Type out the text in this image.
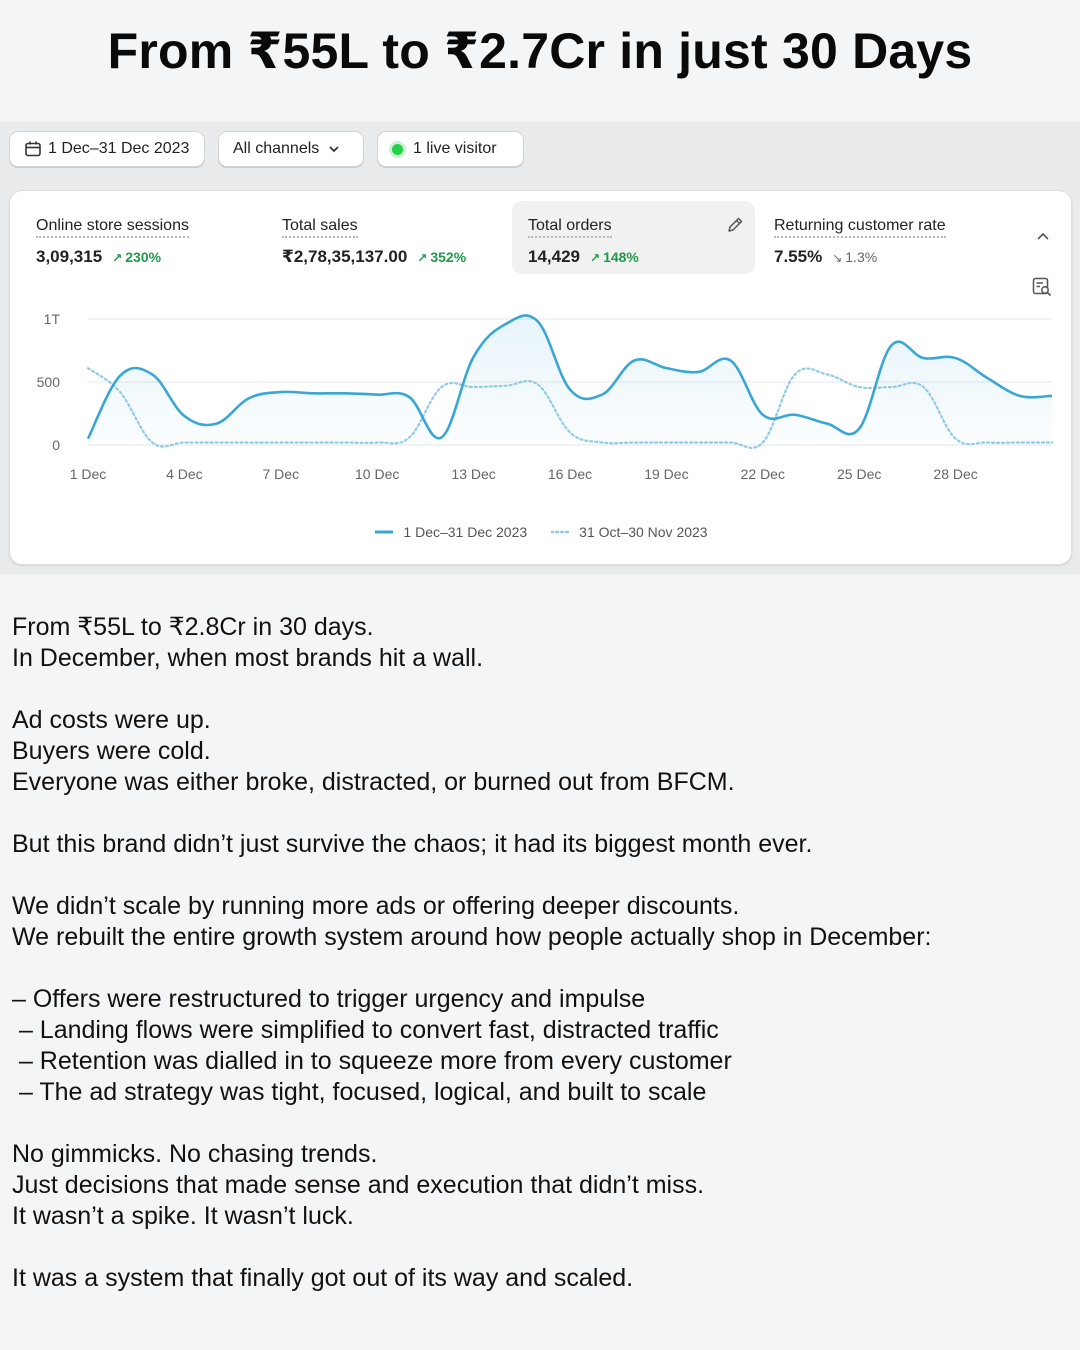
From ₹55L to ₹2.7Cr in just 30 Days
1 Dec–31 Dec 2023	All channels	1 live visitor
Online store sessions
3,09,315 ↗ 230%
Total sales
₹2,78,35,137.00 ↗ 352%
Total orders
14,429 ↗ 148%
Returning customer rate
7.55% ↘ 1.3%
1T
500
0
1 Dec	4 Dec	7 Dec	10 Dec	13 Dec	16 Dec	19 Dec	22 Dec	25 Dec	28 Dec
1 Dec–31 Dec 2023	31 Oct–30 Nov 2023

From ₹55L to ₹2.8Cr in 30 days.

In December, when most brands hit a wall.

Ad costs were up.

Buyers were cold.

Everyone was either broke, distracted, or burned out from BFCM.

But this brand didn’t just survive the chaos; it had its biggest month ever.

We didn’t scale by running more ads or offering deeper discounts.

We rebuilt the entire growth system around how people actually shop in December:

– Offers were restructured to trigger urgency and impulse

– Landing flows were simplified to convert fast, distracted traffic

– Retention was dialled in to squeeze more from every customer

– The ad strategy was tight, focused, logical, and built to scale

No gimmicks. No chasing trends.

Just decisions that made sense and execution that didn’t miss.

It wasn’t a spike. It wasn’t luck.

It was a system that finally got out of its way and scaled.
